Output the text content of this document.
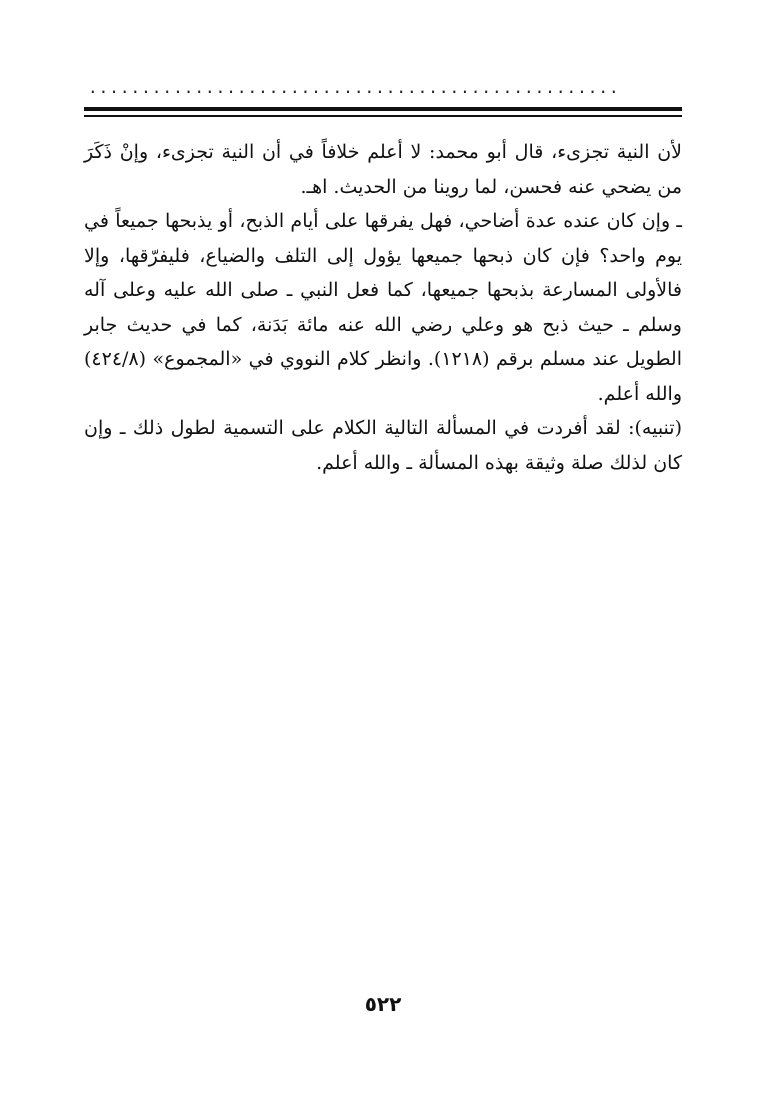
..................................................

لأن النية تجزىء، قال أبو محمد: لا أعلم خلافاً في أن النية تجزىء، وإنْ ذَكَرَ من يضحي عنه فحسن، لما روينا من الحديث. اهـ.

ـ وإن كان عنده عدة أضاحي، فهل يفرقها على أيام الذبح، أو يذبحها جميعاً في يوم واحد؟ فإن كان ذبحها جميعها يؤول إلى التلف والضياع، فليفرّقها، وإلا فالأولى المسارعة بذبحها جميعها، كما فعل النبي ـ صلى الله عليه وعلى آله وسلم ـ حيث ذبح هو وعلي رضي الله عنه مائة بَدَنة، كما في حديث جابر الطويل عند مسلم برقم (١٢١٨). وانظر كلام النووي في «المجموع» (٤٢٤/٨) والله أعلم.

(تنبيه): لقد أفردت في المسألة التالية الكلام على التسمية لطول ذلك ـ وإن كان لذلك صلة وثيقة بهذه المسألة ـ والله أعلم.

٥٢٢
